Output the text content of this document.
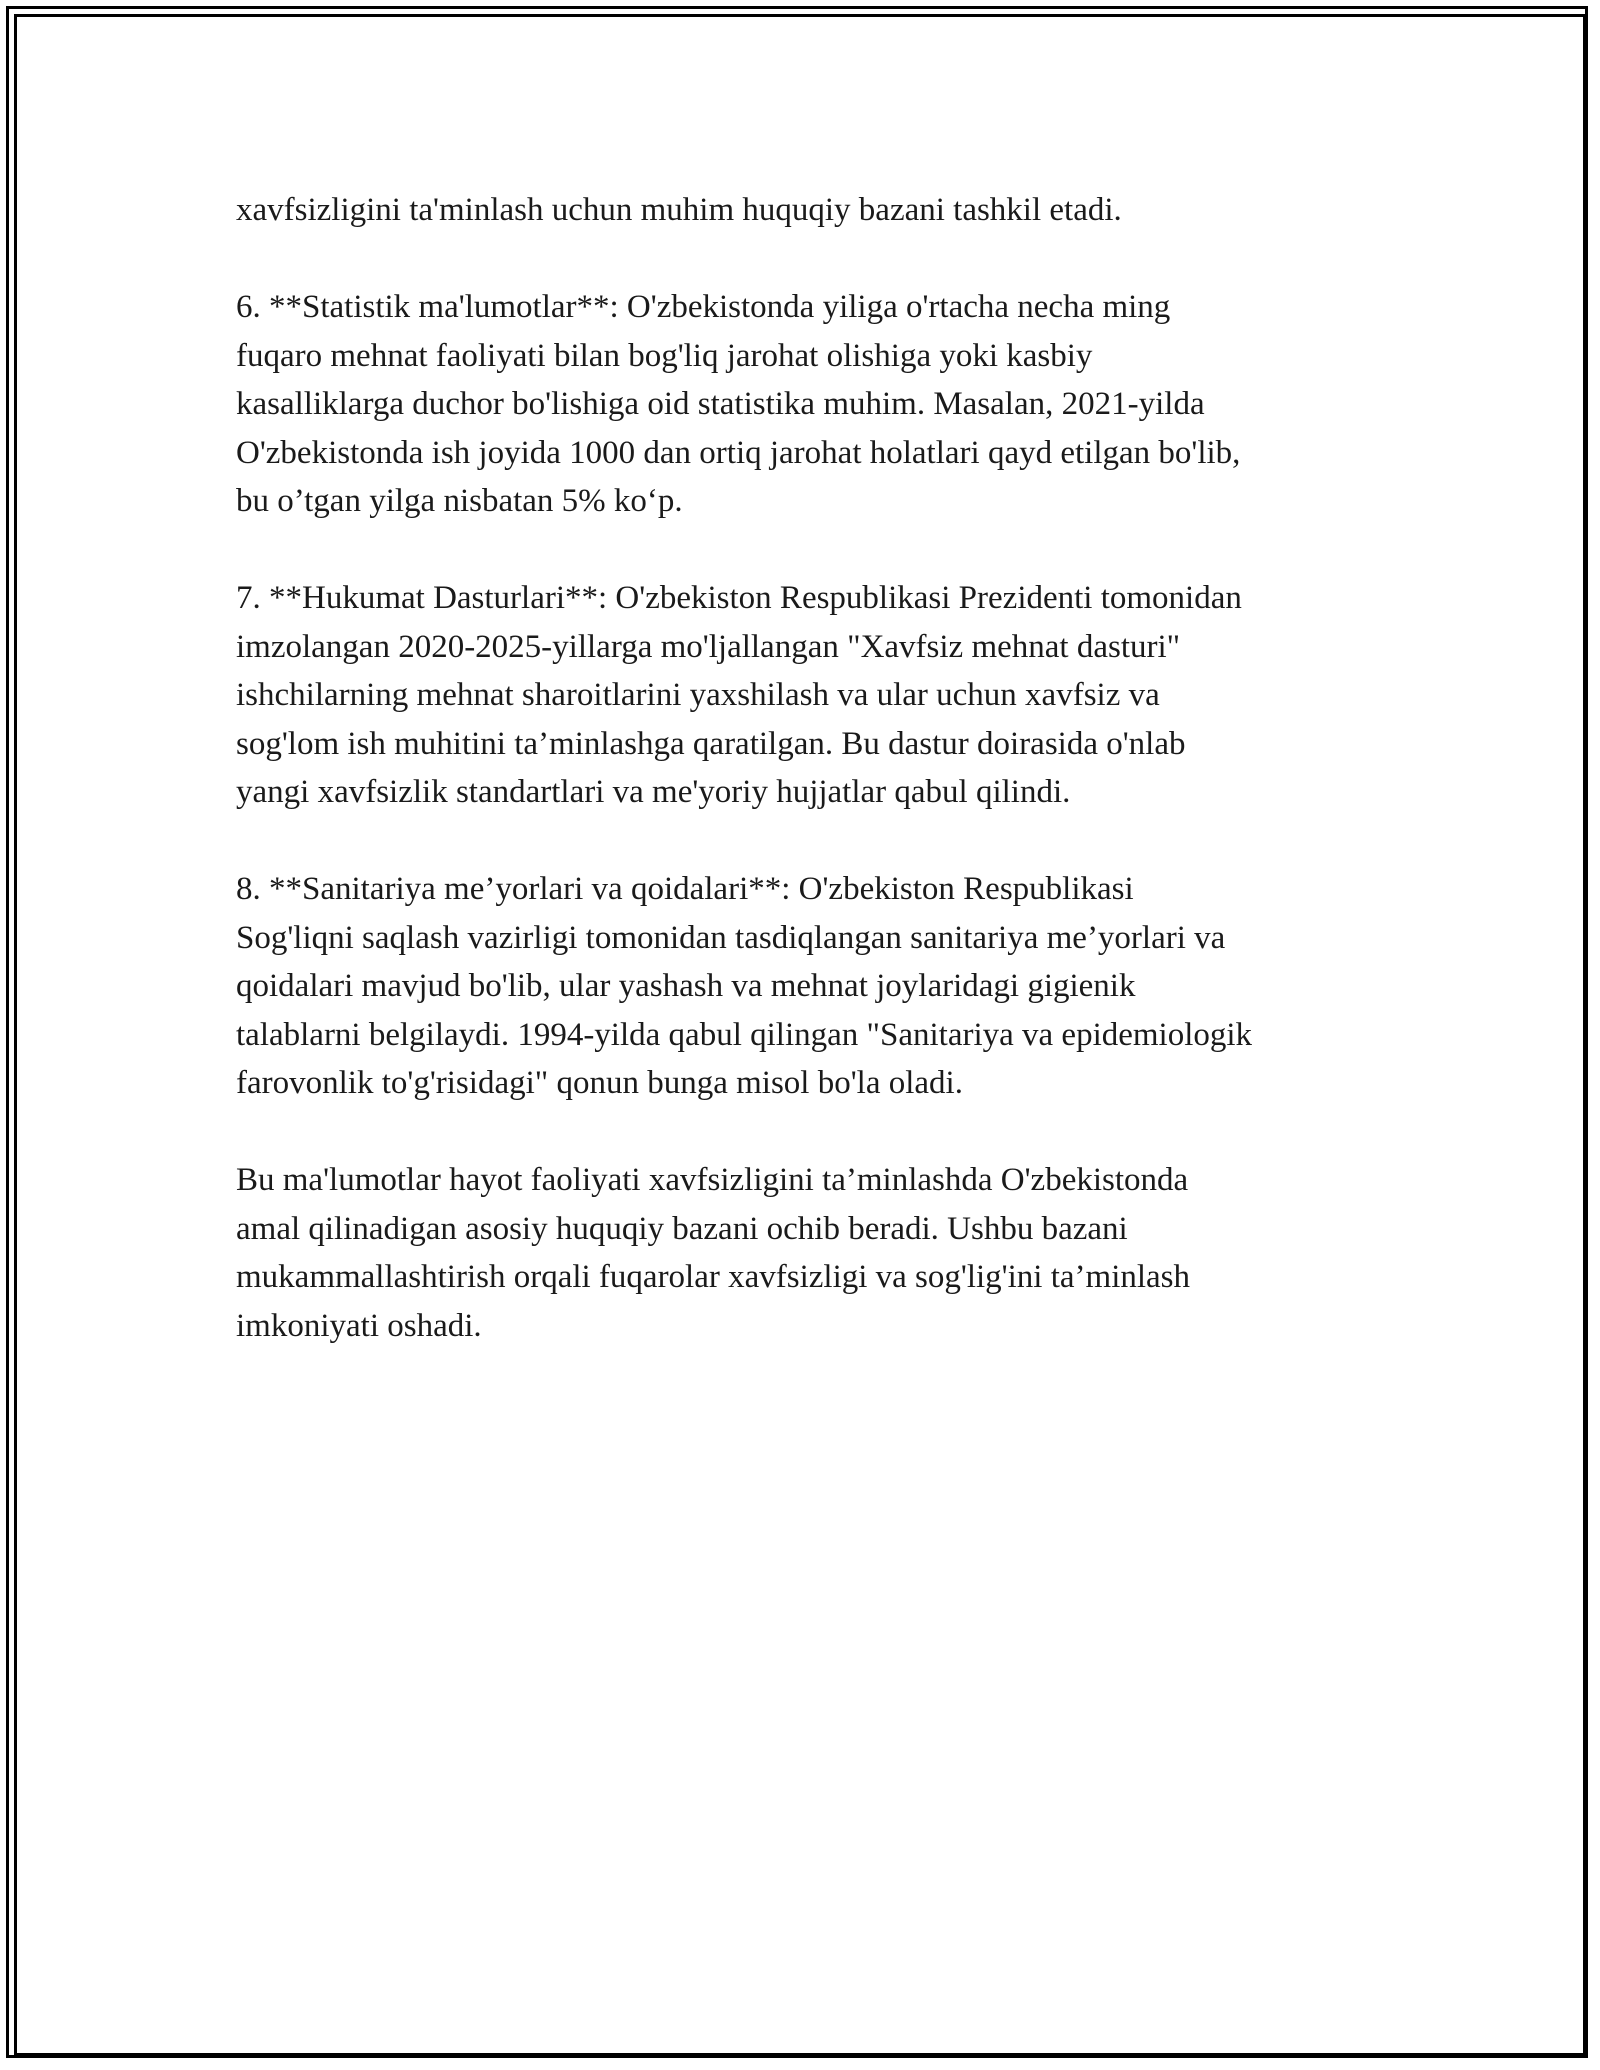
xavfsizligini ta'minlash uchun muhim huquqiy bazani tashkil etadi.

6. **Statistik ma'lumotlar**: O'zbekistonda yiliga o'rtacha necha ming
fuqaro mehnat faoliyati bilan bog'liq jarohat olishiga yoki kasbiy
kasalliklarga duchor bo'lishiga oid statistika muhim. Masalan, 2021-yilda
O'zbekistonda ish joyida 1000 dan ortiq jarohat holatlari qayd etilgan bo'lib,
bu o’tgan yilga nisbatan 5% ko‘p.

7. **Hukumat Dasturlari**: O'zbekiston Respublikasi Prezidenti tomonidan
imzolangan 2020-2025-yillarga mo'ljallangan "Xavfsiz mehnat dasturi"
ishchilarning mehnat sharoitlarini yaxshilash va ular uchun xavfsiz va
sog'lom ish muhitini ta’minlashga qaratilgan. Bu dastur doirasida o'nlab
yangi xavfsizlik standartlari va me'yoriy hujjatlar qabul qilindi.

8. **Sanitariya me’yorlari va qoidalari**: O'zbekiston Respublikasi
Sog'liqni saqlash vazirligi tomonidan tasdiqlangan sanitariya me’yorlari va
qoidalari mavjud bo'lib, ular yashash va mehnat joylaridagi gigienik
talablarni belgilaydi. 1994-yilda qabul qilingan "Sanitariya va epidemiologik
farovonlik to'g'risidagi" qonun bunga misol bo'la oladi.

Bu ma'lumotlar hayot faoliyati xavfsizligini ta’minlashda O'zbekistonda
amal qilinadigan asosiy huquqiy bazani ochib beradi. Ushbu bazani
mukammallashtirish orqali fuqarolar xavfsizligi va sog'lig'ini ta’minlash
imkoniyati oshadi.
